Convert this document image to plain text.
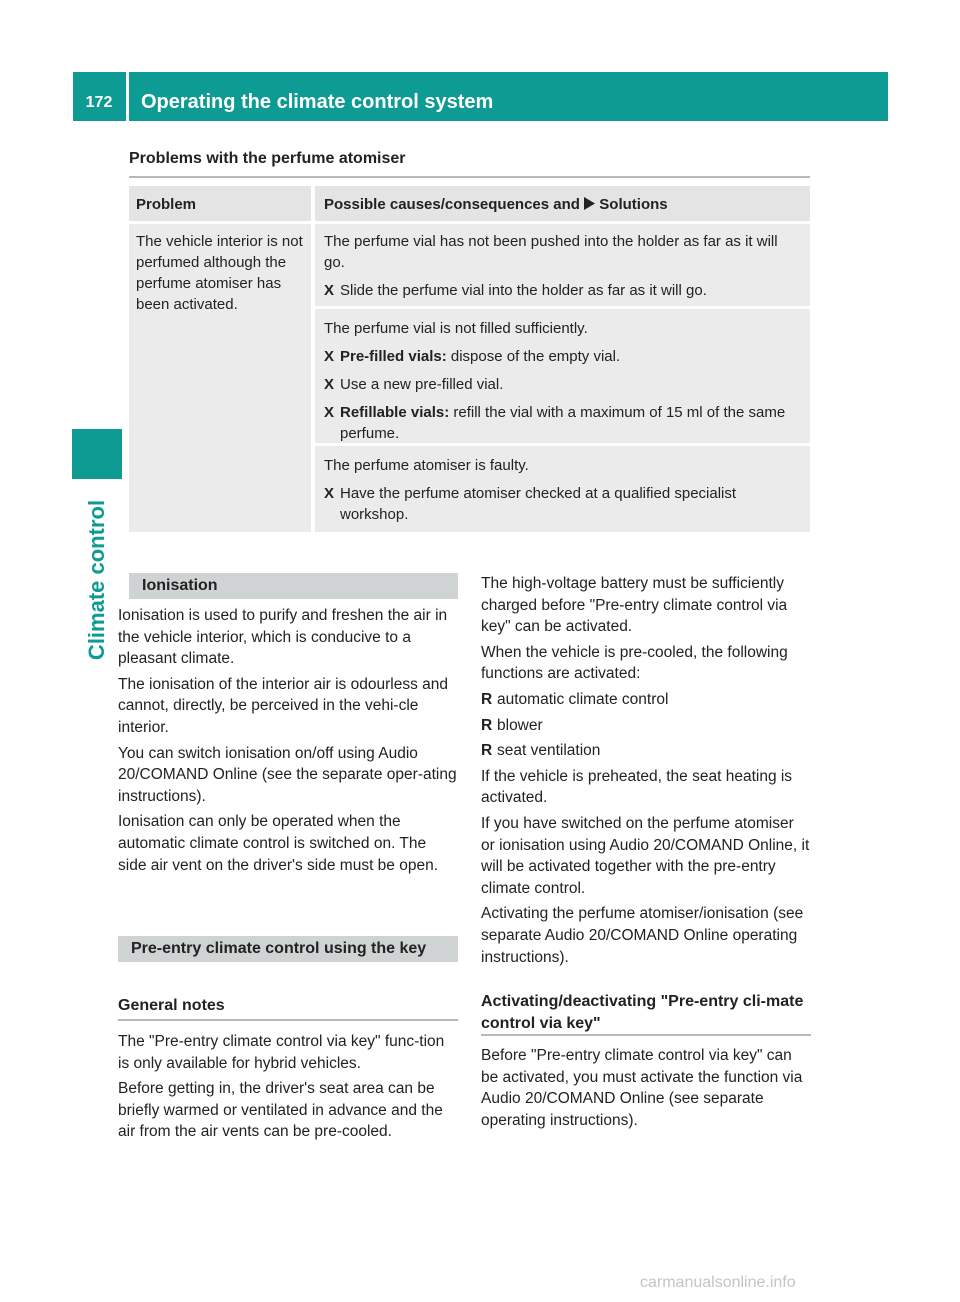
172	Operating the climate control system
Climate control
Problems with the perfume atomiser
Problem	Possible causes/consequences and  Solutions
The vehicle interior is not perfumed although the perfume atomiser has been activated.

The perfume vial has not been pushed into the holder as far as it will go.

X Slide the perfume vial into the holder as far as it will go.

The perfume vial is not filled sufficiently.

X Pre-filled vials: dispose of the empty vial.

X Use a new pre-filled vial.

X Refillable vials: refill the vial with a maximum of 15 ml of the same perfume.

The perfume atomiser is faulty.

X Have the perfume atomiser checked at a qualified specialist workshop.

Ionisation

Ionisation is used to purify and freshen the air in the vehicle interior, which is conducive to a pleasant climate.

The ionisation of the interior air is odourless and cannot, directly, be perceived in the vehi-cle interior.

You can switch ionisation on/off using Audio 20/COMAND Online (see the separate oper-ating instructions).

Ionisation can only be operated when the automatic climate control is switched on. The side air vent on the driver's side must be open.

Pre-entry climate control using the key
General notes

The "Pre-entry climate control via key" func-tion is only available for hybrid vehicles.

Before getting in, the driver's seat area can be briefly warmed or ventilated in advance and the air from the air vents can be pre-cooled.

The high-voltage battery must be sufficiently charged before "Pre-entry climate control via key" can be activated.

When the vehicle is pre-cooled, the following functions are activated:

R automatic climate control

R blower

R seat ventilation

If the vehicle is preheated, the seat heating is activated.

If you have switched on the perfume atomiser or ionisation using Audio 20/COMAND Online, it will be activated together with the pre-entry climate control.

Activating the perfume atomiser/ionisation (see separate Audio 20/COMAND Online operating instructions).

Activating/deactivating "Pre-entry cli-mate control via key"

Before "Pre-entry climate control via key" can be activated, you must activate the function via Audio 20/COMAND Online (see separate operating instructions).

carmanualsonline.info
